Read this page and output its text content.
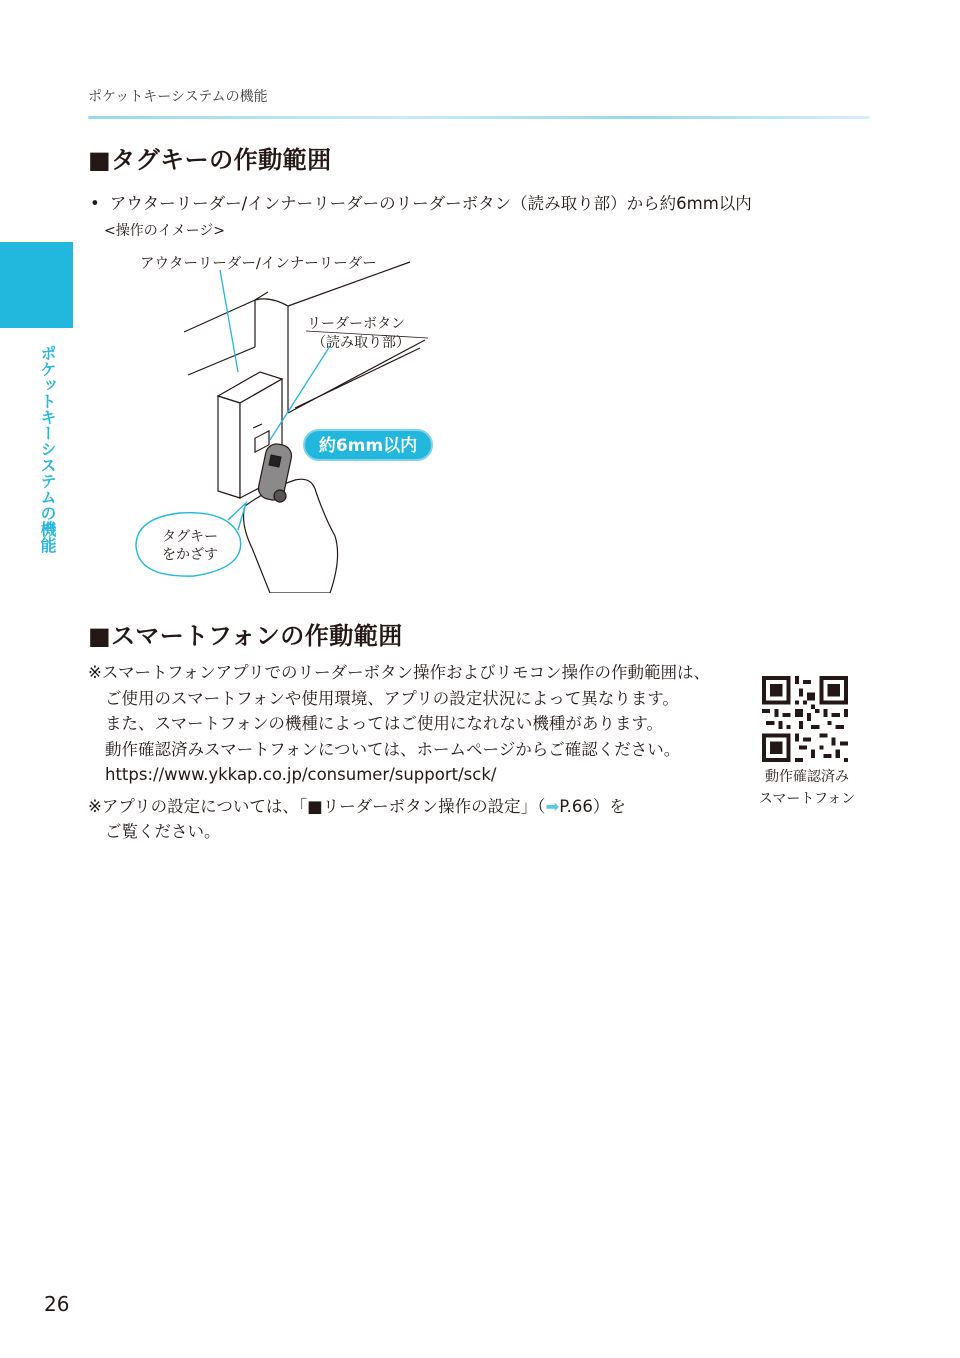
ポケットキーシステムの機能
ポケットキーシステムの機能
■タグキーの作動範囲
• アウターリーダー/インナーリーダーのリーダーボタン（読み取り部）から約6mm以内
<操作のイメージ>
アウターリーダー/インナーリーダー
リーダーボタン
（読み取り部）
約6mm以内
タグキー
をかざす
■スマートフォンの作動範囲
※スマートフォンアプリでのリーダーボタン操作およびリモコン操作の作動範囲は、
ご使用のスマートフォンや使用環境、アプリの設定状況によって異なります。
また、スマートフォンの機種によってはご使用になれない機種があります。
動作確認済みスマートフォンについては、ホームページからご確認ください。
https://www.ykkap.co.jp/consumer/support/sck/
※アプリの設定については、「■リーダーボタン操作の設定」（➡P.66）を
ご覧ください。
動作確認済み
スマートフォン
26
